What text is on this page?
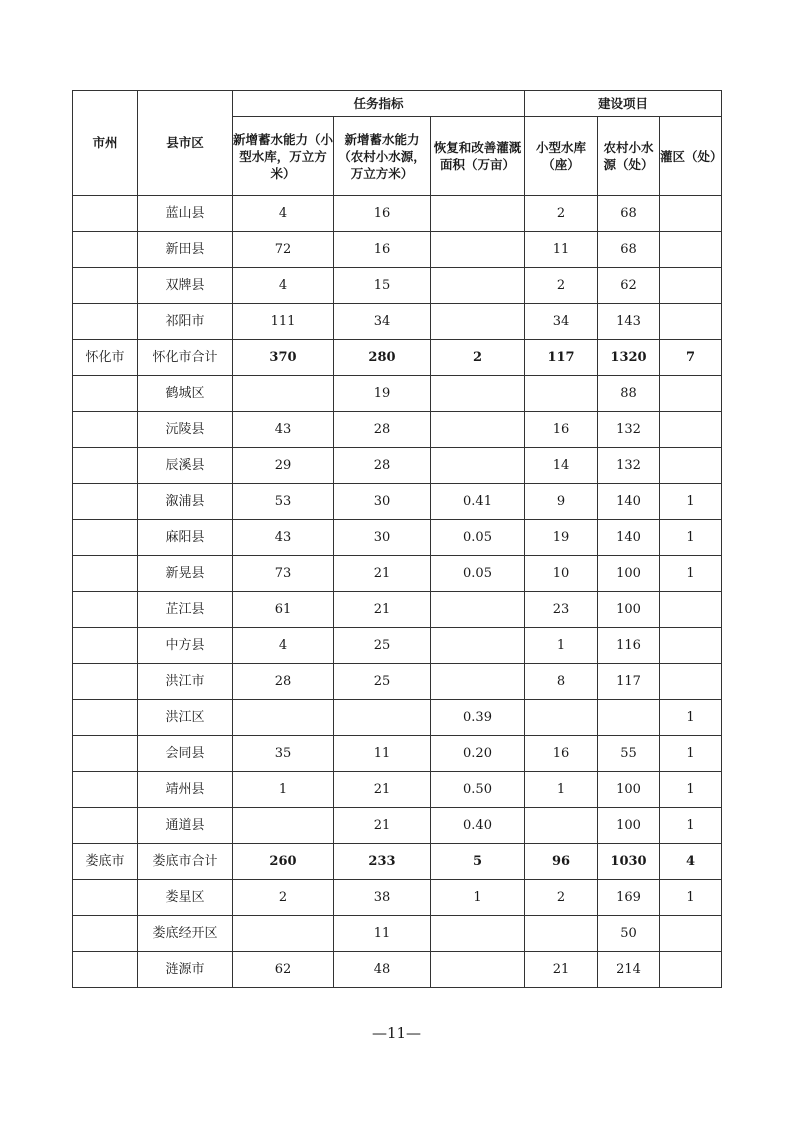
市州	县市区	任务指标			建设项目		
		新增蓄水能力（小型水库，万立方米）	新增蓄水能力（农村小水源，万立方米）	恢复和改善灌溉面积（万亩）	小型水库（座）	农村小水源（处）	灌区（处）
	蓝山县	4	16		2	68	
	新田县	72	16		11	68	
	双牌县	4	15		2	62	
	祁阳市	111	34		34	143	
怀化市	怀化市合计	370	280	2	117	1320	7
	鹤城区		19			88	
	沅陵县	43	28		16	132	
	辰溪县	29	28		14	132	
	溆浦县	53	30	0.41	9	140	1
	麻阳县	43	30	0.05	19	140	1
	新晃县	73	21	0.05	10	100	1
	芷江县	61	21		23	100	
	中方县	4	25		1	116	
	洪江市	28	25		8	117	
	洪江区			0.39			1
	会同县	35	11	0.20	16	55	1
	靖州县	1	21	0.50	1	100	1
	通道县		21	0.40		100	1
娄底市	娄底市合计	260	233	5	96	1030	4
	娄星区	2	38	1	2	169	1
	娄底经开区		11			50	
	涟源市	62	48		21	214	
—11—
